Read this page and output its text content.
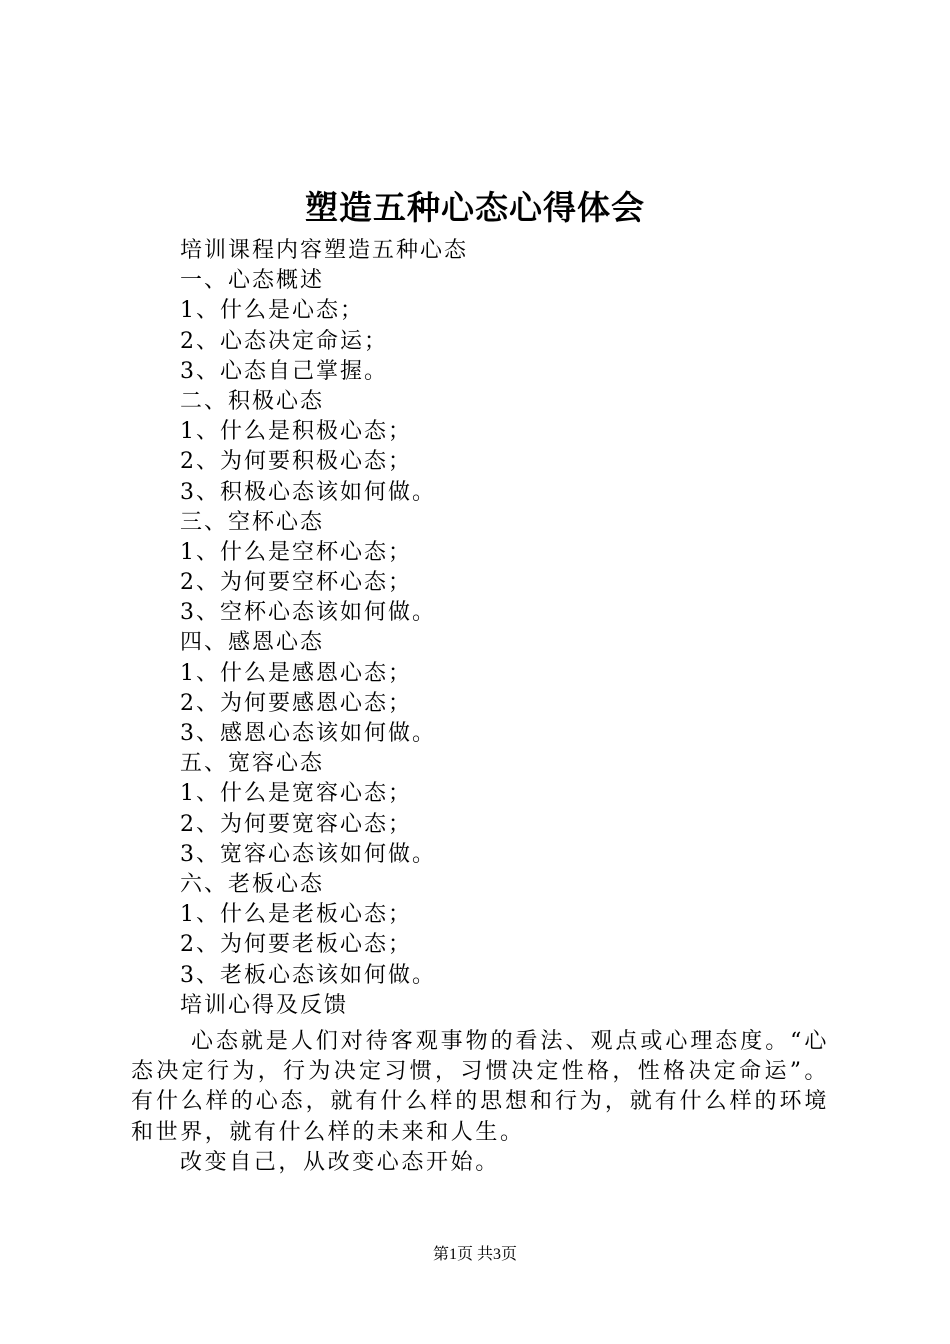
塑造五种心态心得体会
培训课程内容塑造五种心态
一、心态概述
1、什么是心态；
2、心态决定命运；
3、心态自己掌握。
二、积极心态
1、什么是积极心态；
2、为何要积极心态；
3、积极心态该如何做。
三、空杯心态
1、什么是空杯心态；
2、为何要空杯心态；
3、空杯心态该如何做。
四、感恩心态
1、什么是感恩心态；
2、为何要感恩心态；
3、感恩心态该如何做。
五、宽容心态
1、什么是宽容心态；
2、为何要宽容心态；
3、宽容心态该如何做。
六、老板心态
1、什么是老板心态；
2、为何要老板心态；
3、老板心态该如何做。
培训心得及反馈

心态就是人们对待客观事物的看法、观点或心理态度。“心态决定行为，行为决定习惯，习惯决定性格，性格决定命运”。有什么样的心态，就有什么样的思想和行为，就有什么样的环境和世界，就有什么样的未来和人生。

改变自己，从改变心态开始。

第1页 共3页
